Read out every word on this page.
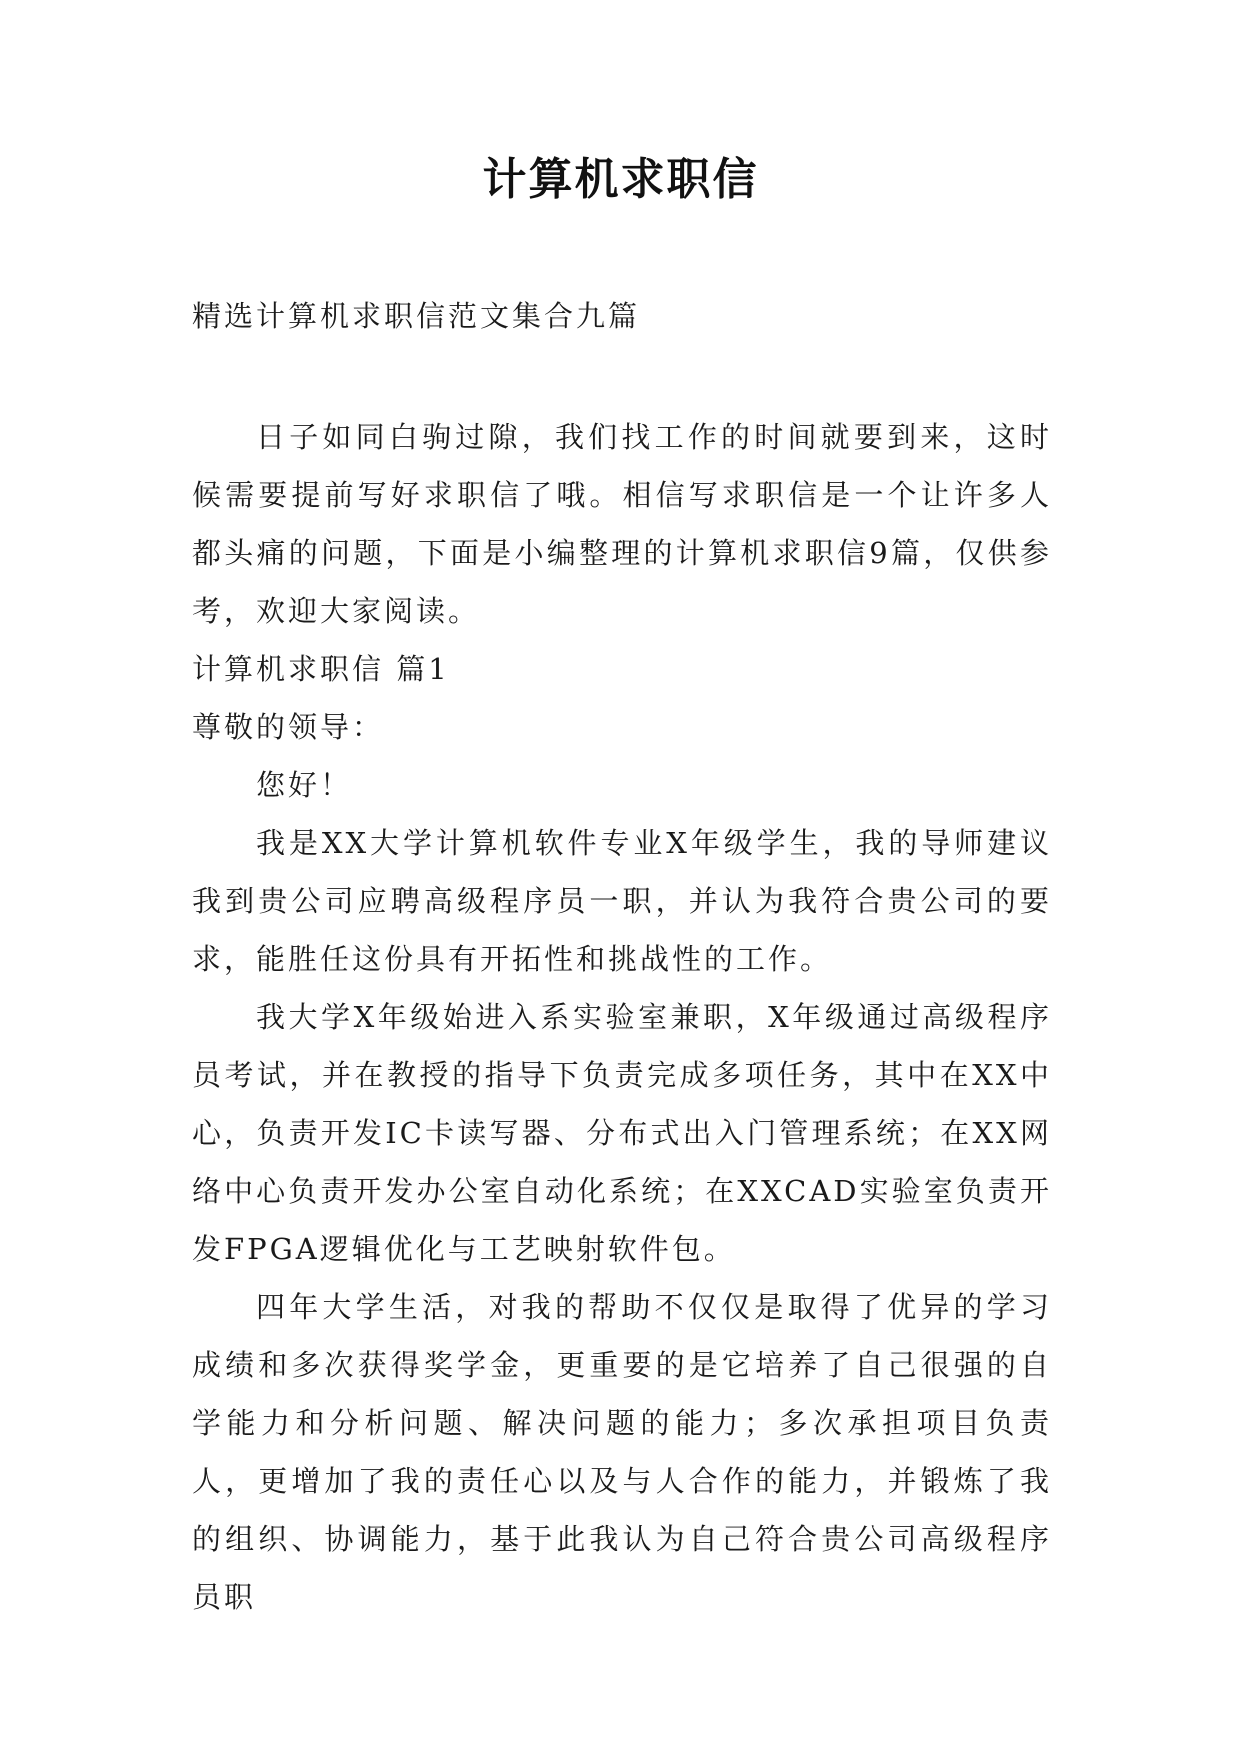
计算机求职信
精选计算机求职信范文集合九篇

日子如同白驹过隙，我们找工作的时间就要到来，这时候需要提前写好求职信了哦。相信写求职信是一个让许多人都头痛的问题，下面是小编整理的计算机求职信9篇，仅供参考，欢迎大家阅读。

计算机求职信 篇1

尊敬的领导：

您好！

我是XX大学计算机软件专业X年级学生，我的导师建议我到贵公司应聘高级程序员一职，并认为我符合贵公司的要求，能胜任这份具有开拓性和挑战性的工作。

我大学X年级始进入系实验室兼职，X年级通过高级程序员考试，并在教授的指导下负责完成多项任务，其中在XX中心，负责开发IC卡读写器、分布式出入门管理系统；在XX网络中心负责开发办公室自动化系统；在XXCAD实验室负责开发FPGA逻辑优化与工艺映射软件包。

四年大学生活，对我的帮助不仅仅是取得了优异的学习成绩和多次获得奖学金，更重要的是它培养了自己很强的自学能力和分析问题、解决问题的能力；多次承担项目负责人，更增加了我的责任心以及与人合作的能力，并锻炼了我的组织、协调能力，基于此我认为自己符合贵公司高级程序员职
